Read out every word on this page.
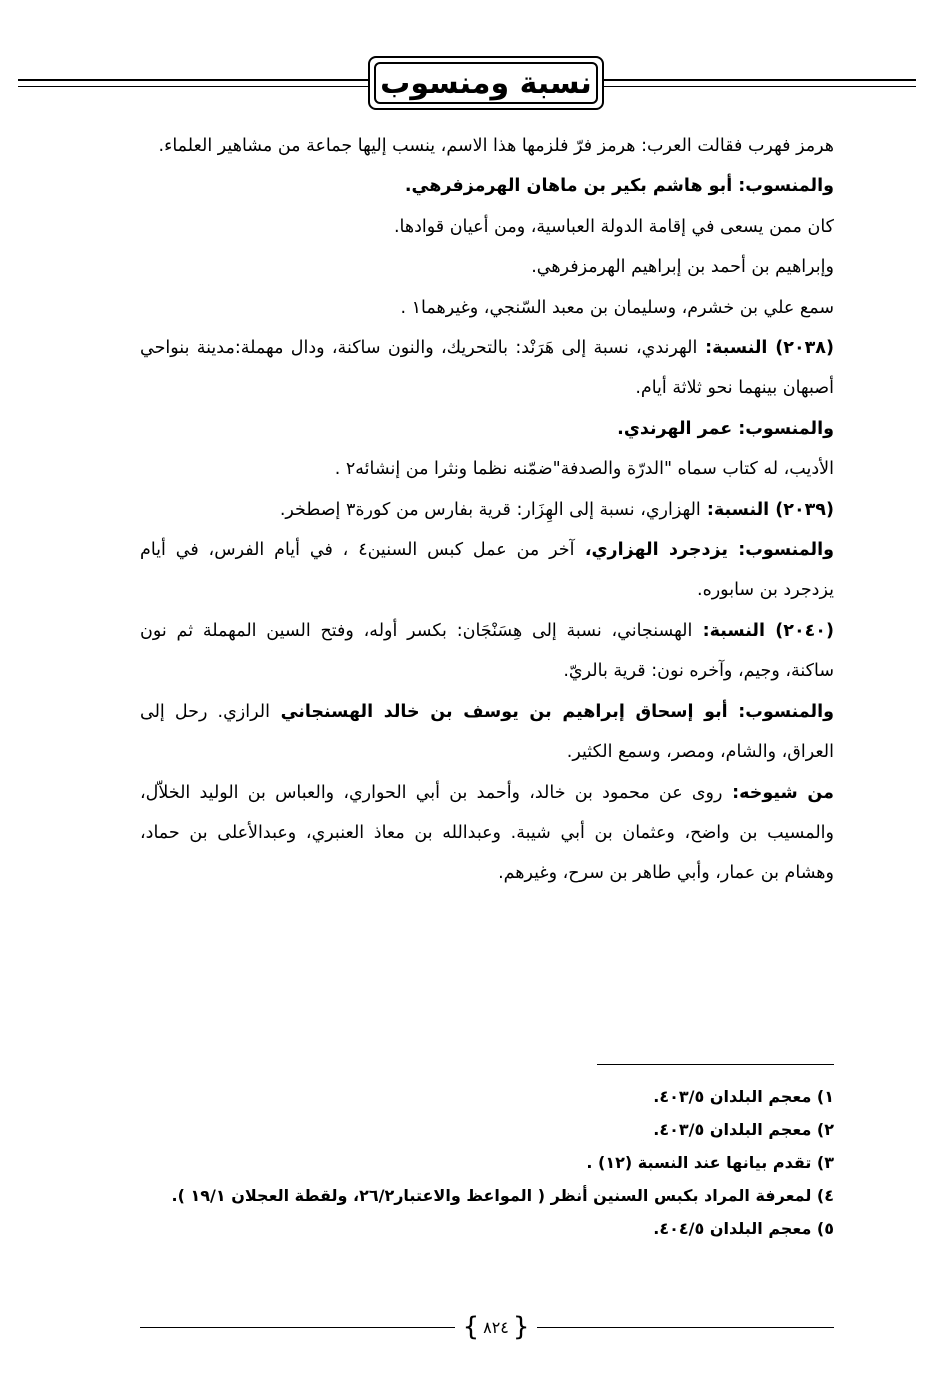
نسبة ومنسوب

هرمز فهرب فقالت العرب: هرمز فرّ فلزمها هذا الاسم، ينسب إليها جماعة من مشاهير العلماء.

والمنسوب: أبو هاشم بكير بن ماهان الهرمزفرهي.

كان ممن يسعى في إقامة الدولة العباسية، ومن أعيان قوادها.

وإبراهيم بن أحمد بن إبراهيم الهرمزفرهي.

سمع علي بن خشرم، وسليمان بن معبد السّنجي، وغيرهما١ .

(٢٠٣٨) النسبة: الهرندي، نسبة إلى هَرَنْد: بالتحريك، والنون ساكنة، ودال مهملة:مدينة بنواحي أصبهان بينهما نحو ثلاثة أيام.

والمنسوب: عمر الهرندي.

الأديب، له كتاب سماه "الدرّة والصدفة"ضمّنه نظما ونثرا من إنشائه٢ .

(٢٠٣٩) النسبة: الهزاري، نسبة إلى الهِزَار: قرية بفارس من كورة٣ إصطخر.

والمنسوب: يزدجرد الهزاري، آخر من عمل كبس السنين٤ ، في أيام الفرس، في أيام يزدجرد بن سابوره.

(٢٠٤٠) النسبة: الهسنجاني، نسبة إلى هِسَنْجَان: بكسر أوله، وفتح السين المهملة ثم نون ساكنة، وجيم، وآخره نون: قرية بالريّ.

والمنسوب: أبو إسحاق إبراهيم بن يوسف بن خالد الهسنجاني الرازي. رحل إلى العراق، والشام، ومصر، وسمع الكثير.

من شيوخه: روى عن محمود بن خالد، وأحمد بن أبي الحواري، والعباس بن الوليد الخلاّل، والمسيب بن واضح، وعثمان بن أبي شيبة. وعبدالله بن معاذ العنبري، وعبدالأعلى بن حماد، وهشام بن عمار، وأبي طاهر بن سرح، وغيرهم.

١) معجم البلدان ٤٠٣/٥.

٢) معجم البلدان ٤٠٣/٥.

٣) تقدم بيانها عند النسبة (١٢) .

٤) لمعرفة المراد بكبس السنين أنظر ( المواعظ والاعتبار٢٦/٢، ولقطة العجلان ١٩/١ ).

٥) معجم البلدان ٤٠٤/٥.

{ ٨٢٤ }
